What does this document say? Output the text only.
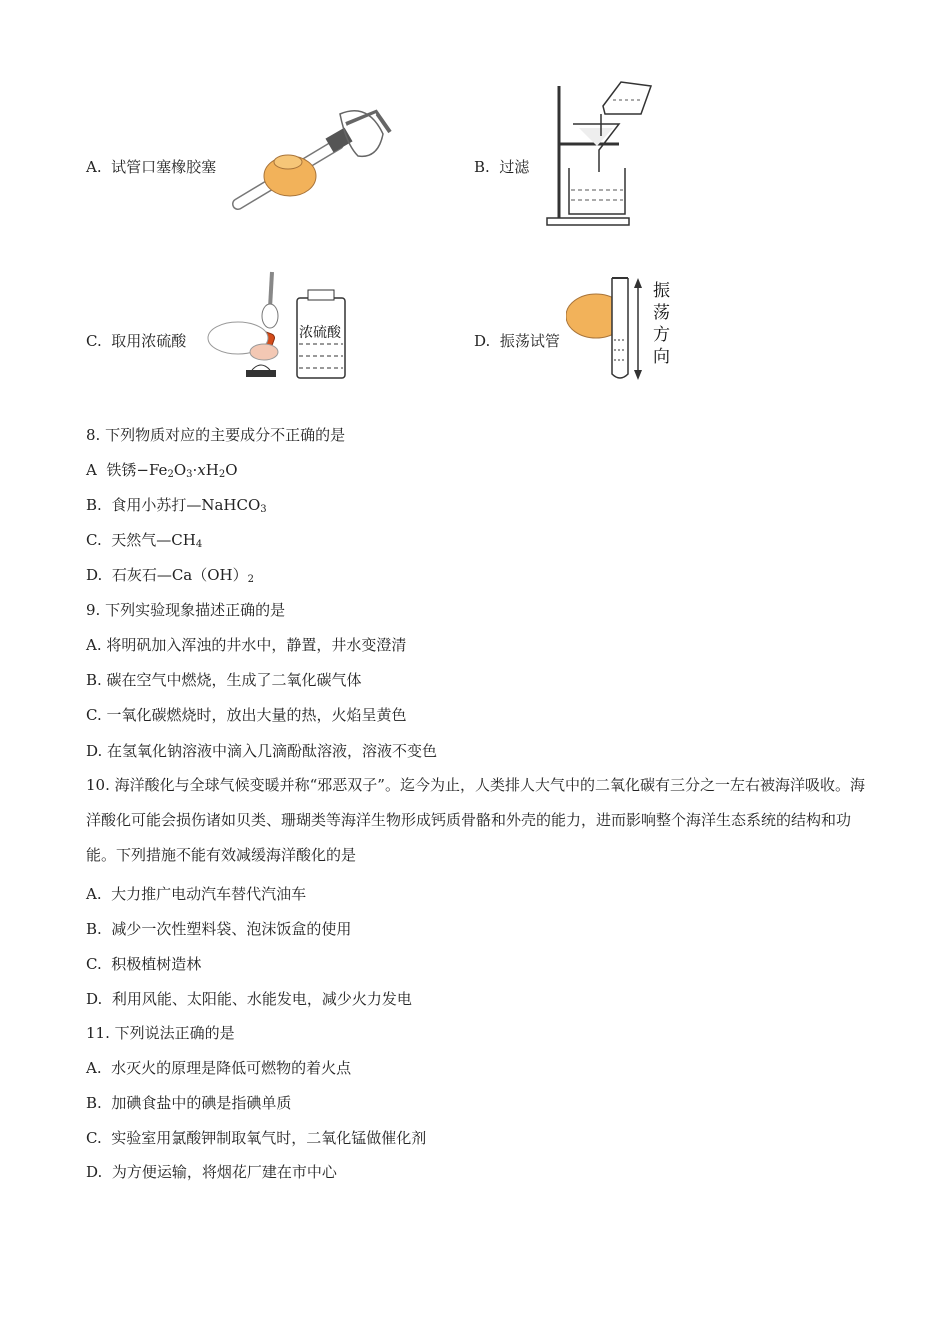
A. 试管口塞橡胶塞	B. 过滤
C. 取用浓硫酸	浓硫酸	D. 振荡试管
振
荡
方
向
8. 下列物质对应的主要成分不正确的是
A 铁锈$-Fe_2O_3\cdot xH_2O$
B. 食用小苏打—NaHCO$_3$
C. 天然气$—CH_4$
D. 石灰石$—Ca(OH)_2$
9. 下列实验现象描述正确的是
A. 将明矾加入浑浊的井水中，静置，井水变澄清
B. 碳在空气中燃烧，生成了二氧化碳气体
C. 一氧化碳燃烧时，放出大量的热，火焰呈黄色
D. 在氢氧化钠溶液中滴入几滴酚酞溶液，溶液不变色
10. 海洋酸化与全球气候变暖并称“邪恶双子”。迄今为止，人类排人大气中的二氧化碳有三分之一左右被海洋吸收。海洋酸化可能会损伤诸如贝类、珊瑚类等海洋生物形成钙质骨骼和外壳的能力，进而影响整个海洋生态系统的结构和功能。下列措施不能有效减缓海洋酸化的是
A. 大力推广电动汽车替代汽油车
B. 减少一次性塑料袋、泡沫饭盒的使用
C. 积极植树造林
D. 利用风能、太阳能、水能发电，减少火力发电
11. 下列说法正确的是
A. 水灭火的原理是降低可燃物的着火点
B. 加碘食盐中的碘是指碘单质
C. 实验室用氯酸钾制取氧气时，二氧化锰做催化剂
D. 为方便运输，将烟花厂建在市中心
